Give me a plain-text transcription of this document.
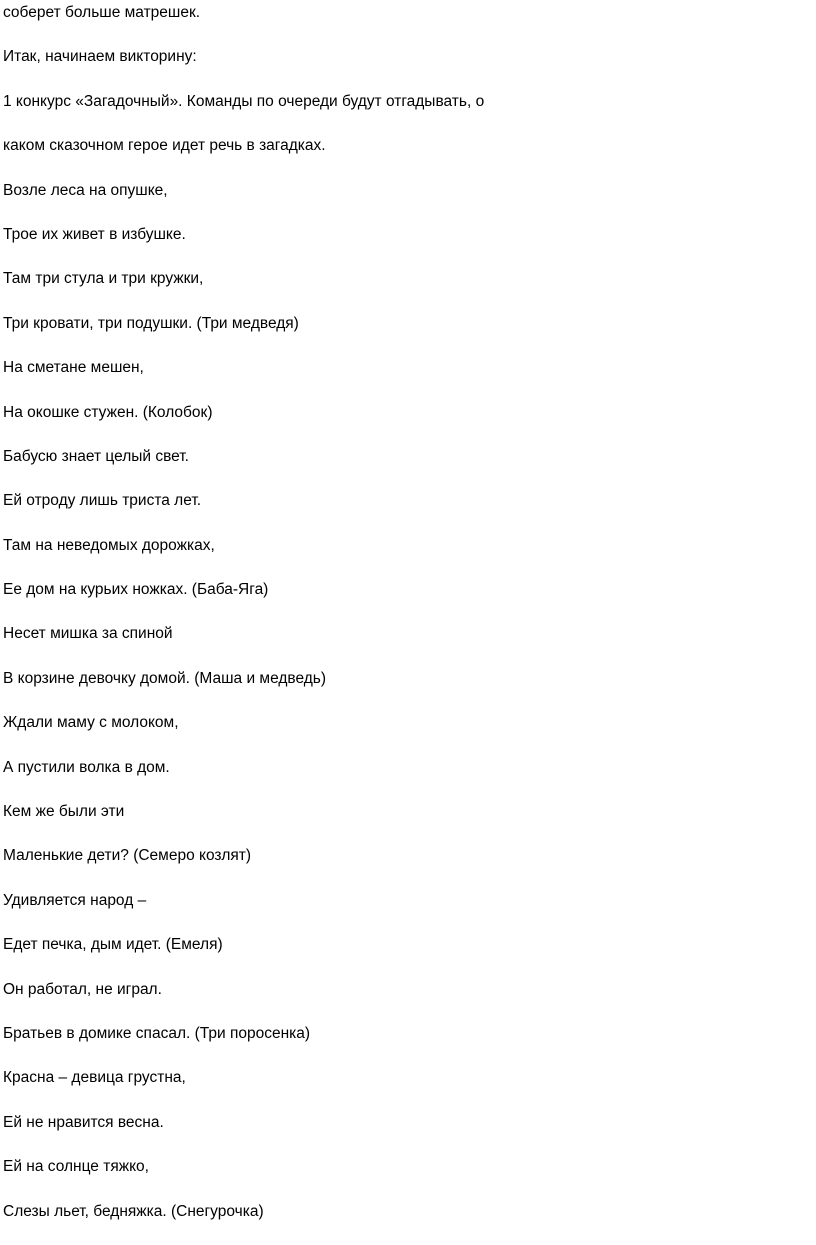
соберет больше матрешек.
Итак, начинаем викторину:
1 конкурс «Загадочный». Команды по очереди будут отгадывать, о
каком сказочном герое идет речь в загадках.
Возле леса на опушке,
Трое их живет в избушке.
Там три стула и три кружки,
Три кровати, три подушки. (Три медведя)
На сметане мешен,
На окошке стужен. (Колобок)
Бабусю знает целый свет.
Ей отроду лишь триста лет.
Там на неведомых дорожках,
Ее дом на курьих ножках. (Баба-Яга)
Несет мишка за спиной
В корзине девочку домой. (Маша и медведь)
Ждали маму с молоком,
А пустили волка в дом.
Кем же были эти
Маленькие дети? (Семеро козлят)
Удивляется народ –
Едет печка, дым идет. (Емеля)
Он работал, не играл.
Братьев в домике спасал. (Три поросенка)
Красна – девица грустна,
Ей не нравится весна.
Ей на солнце тяжко,
Слезы льет, бедняжка. (Снегурочка)
